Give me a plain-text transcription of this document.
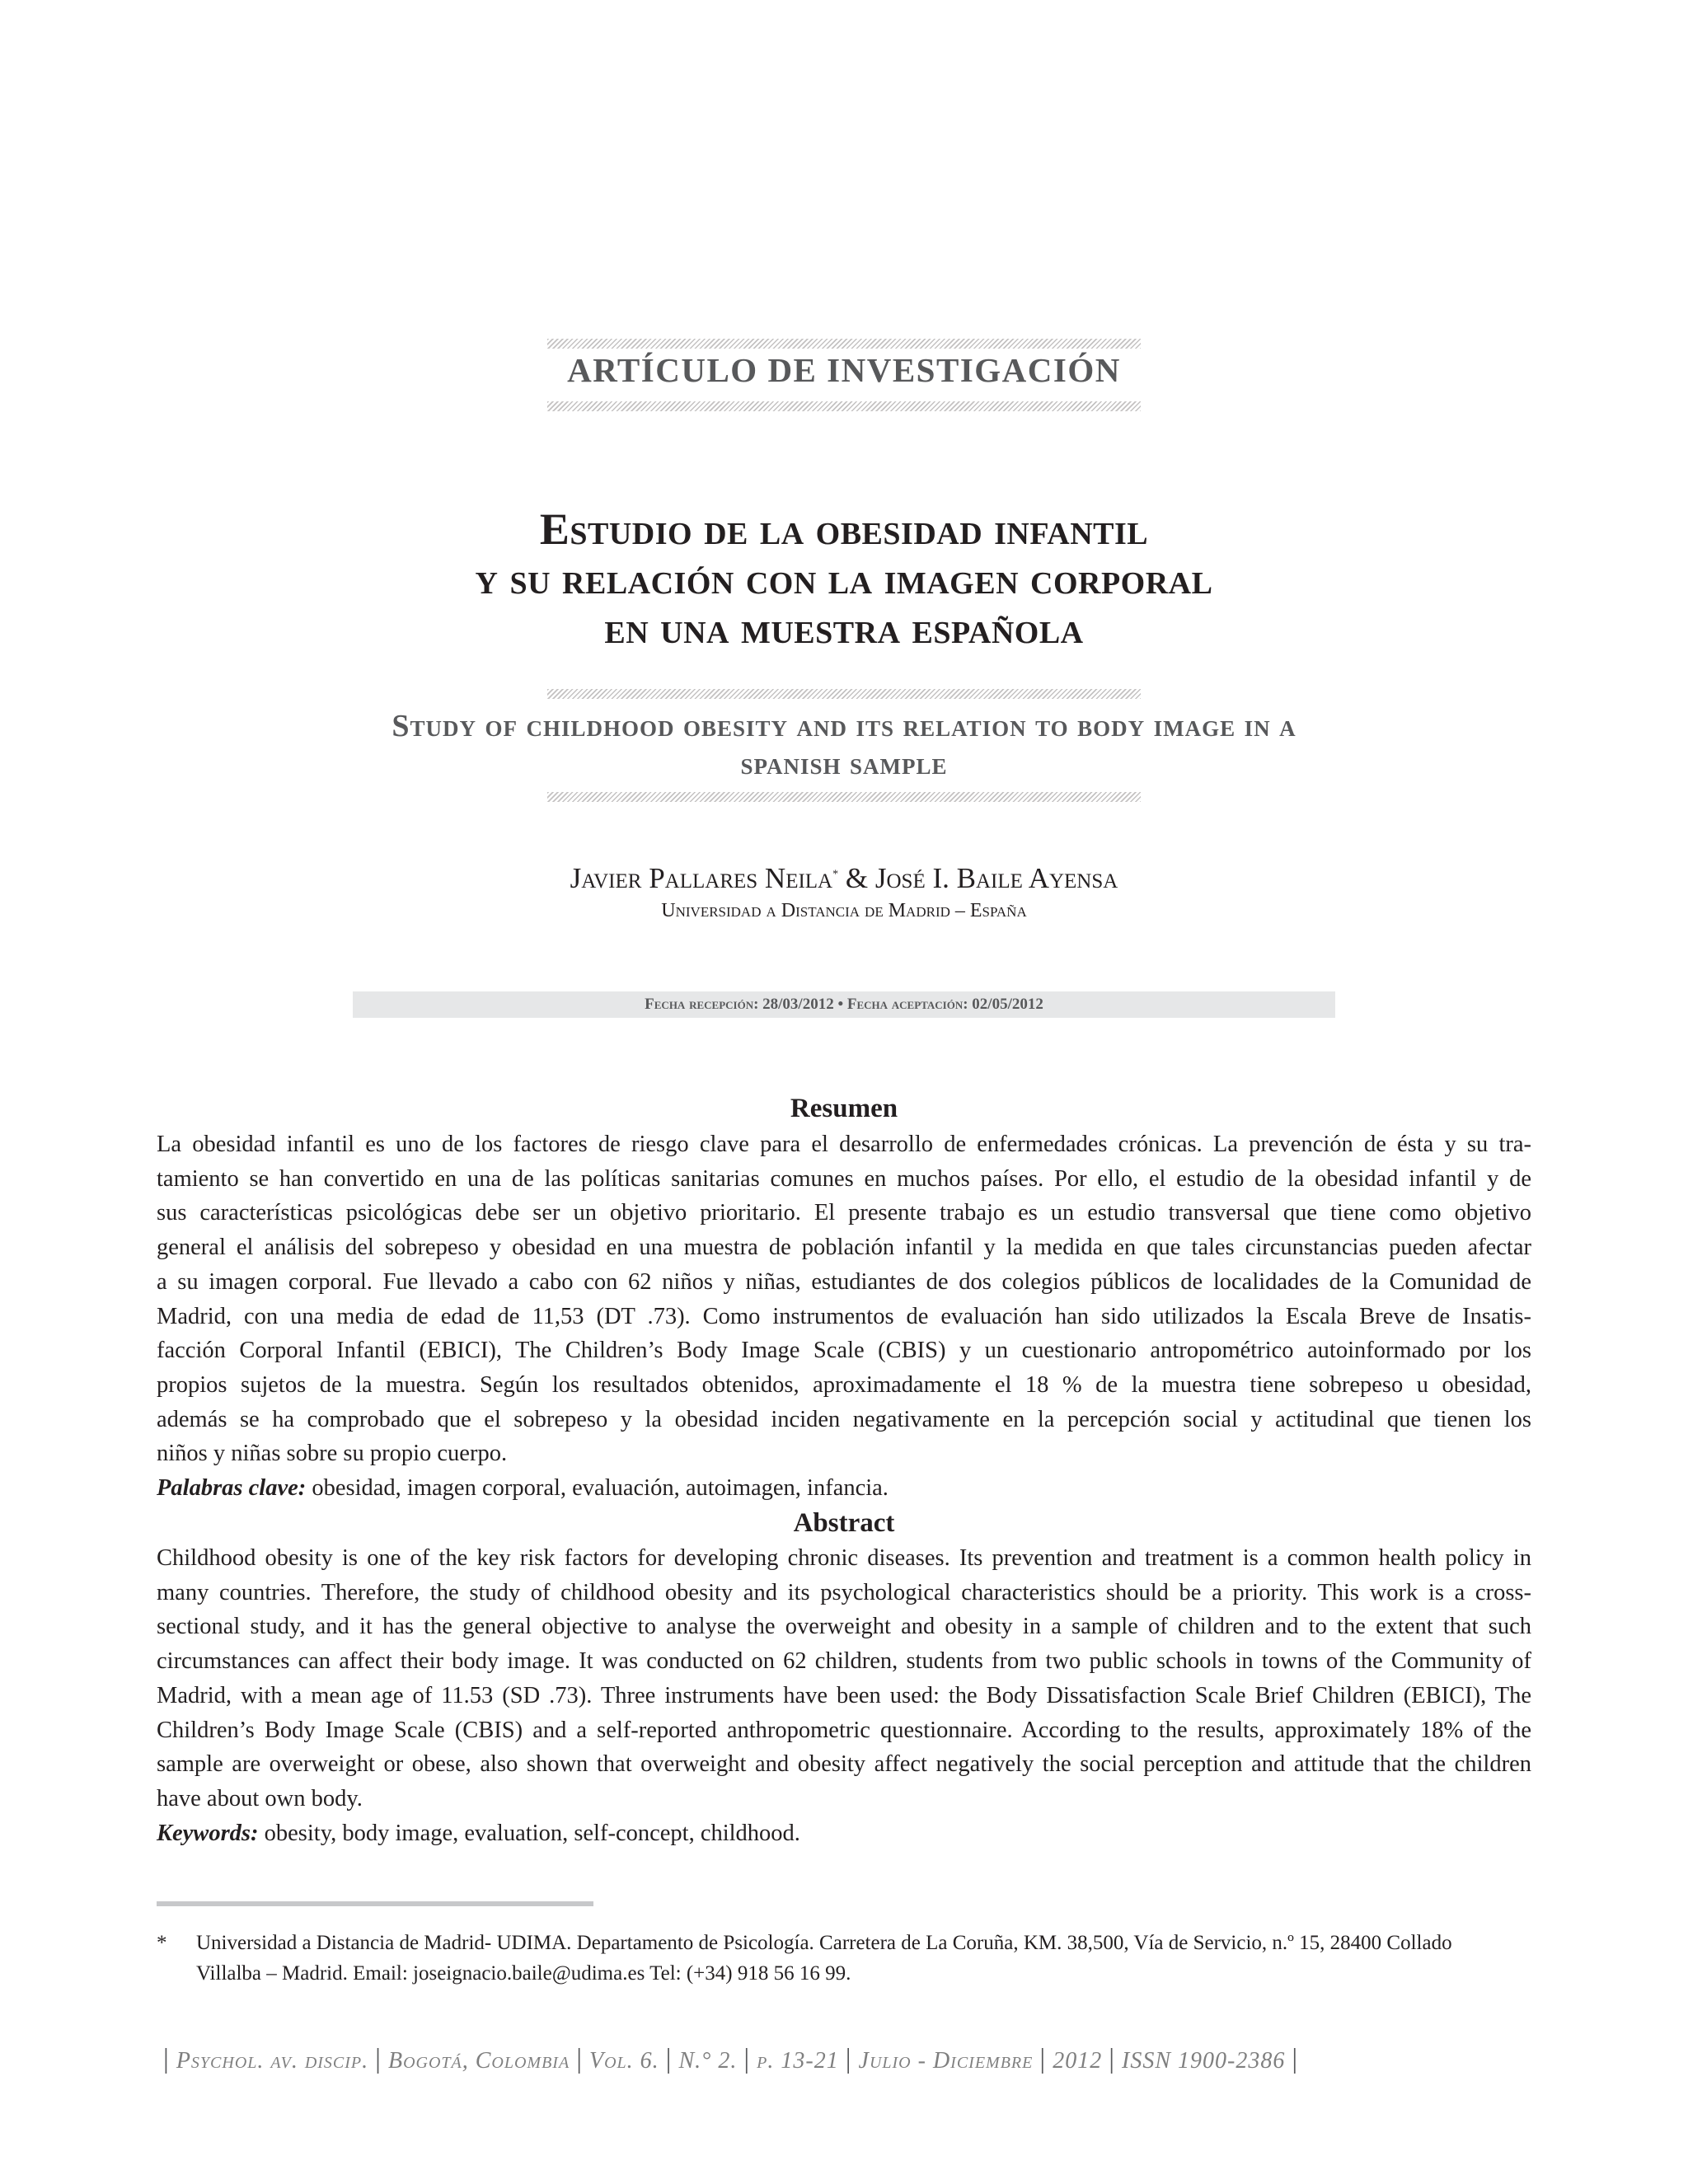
ARTÍCULO DE INVESTIGACIÓN
Estudio de la obesidad infantil
y su relación con la imagen corporal
en una muestra española
Study of childhood obesity and its relation to body image in a
spanish sample
Javier Pallares Neila* & José I. Baile Ayensa
Universidad a Distancia de Madrid – España
Fecha recepción: 28/03/2012 • Fecha aceptación: 02/05/2012
Resumen
La obesidad infantil es uno de los factores de riesgo clave para el desarrollo de enfermedades crónicas. La prevención de ésta y su tra-
tamiento se han convertido en una de las políticas sanitarias comunes en muchos países. Por ello, el estudio de la obesidad infantil y de
sus características psicológicas debe ser un objetivo prioritario. El presente trabajo es un estudio transversal que tiene como objetivo
general el análisis del sobrepeso y obesidad en una muestra de población infantil y la medida en que tales circunstancias pueden afectar
a su imagen corporal. Fue llevado a cabo con 62 niños y niñas, estudiantes de dos colegios públicos de localidades de la Comunidad de
Madrid, con una media de edad de 11,53 (DT .73). Como instrumentos de evaluación han sido utilizados la Escala Breve de Insatis-
facción Corporal Infantil (EBICI), The Children’s Body Image Scale (CBIS) y un cuestionario antropométrico autoinformado por los
propios sujetos de la muestra. Según los resultados obtenidos, aproximadamente el 18 % de la muestra tiene sobrepeso u obesidad,
además se ha comprobado que el sobrepeso y la obesidad inciden negativamente en la percepción social y actitudinal que tienen los
niños y niñas sobre su propio cuerpo.
Palabras clave: obesidad, imagen corporal, evaluación, autoimagen, infancia.
Abstract
Childhood obesity is one of the key risk factors for developing chronic diseases. Its prevention and treatment is a common health policy in
many countries. Therefore, the study of childhood obesity and its psychological characteristics should be a priority. This work is a cross-
sectional study, and it has the general objective to analyse the overweight and obesity in a sample of children and to the extent that such
circumstances can affect their body image. It was conducted on 62 children, students from two public schools in towns of the Community of
Madrid, with a mean age of 11.53 (SD .73). Three instruments have been used: the Body Dissatisfaction Scale Brief Children (EBICI), The
Children’s Body Image Scale (CBIS) and a self-reported anthropometric questionnaire. According to the results, approximately 18% of the
sample are overweight or obese, also shown that overweight and obesity affect negatively the social perception and attitude that the children
have about own body.
Keywords: obesity, body image, evaluation, self-concept, childhood.
* Universidad a Distancia de Madrid- UDIMA. Departamento de Psicología. Carretera de La Coruña, KM. 38,500, Vía de Servicio, n.º 15, 28400 Collado
Villalba – Madrid. Email: joseignacio.baile@udima.es Tel: (+34) 918 56 16 99.
| Psychol. av. discip. | Bogotá, Colombia | Vol. 6. | N.° 2. | p. 13-21 | Julio - Diciembre | 2012 | ISSN 1900-2386 |
